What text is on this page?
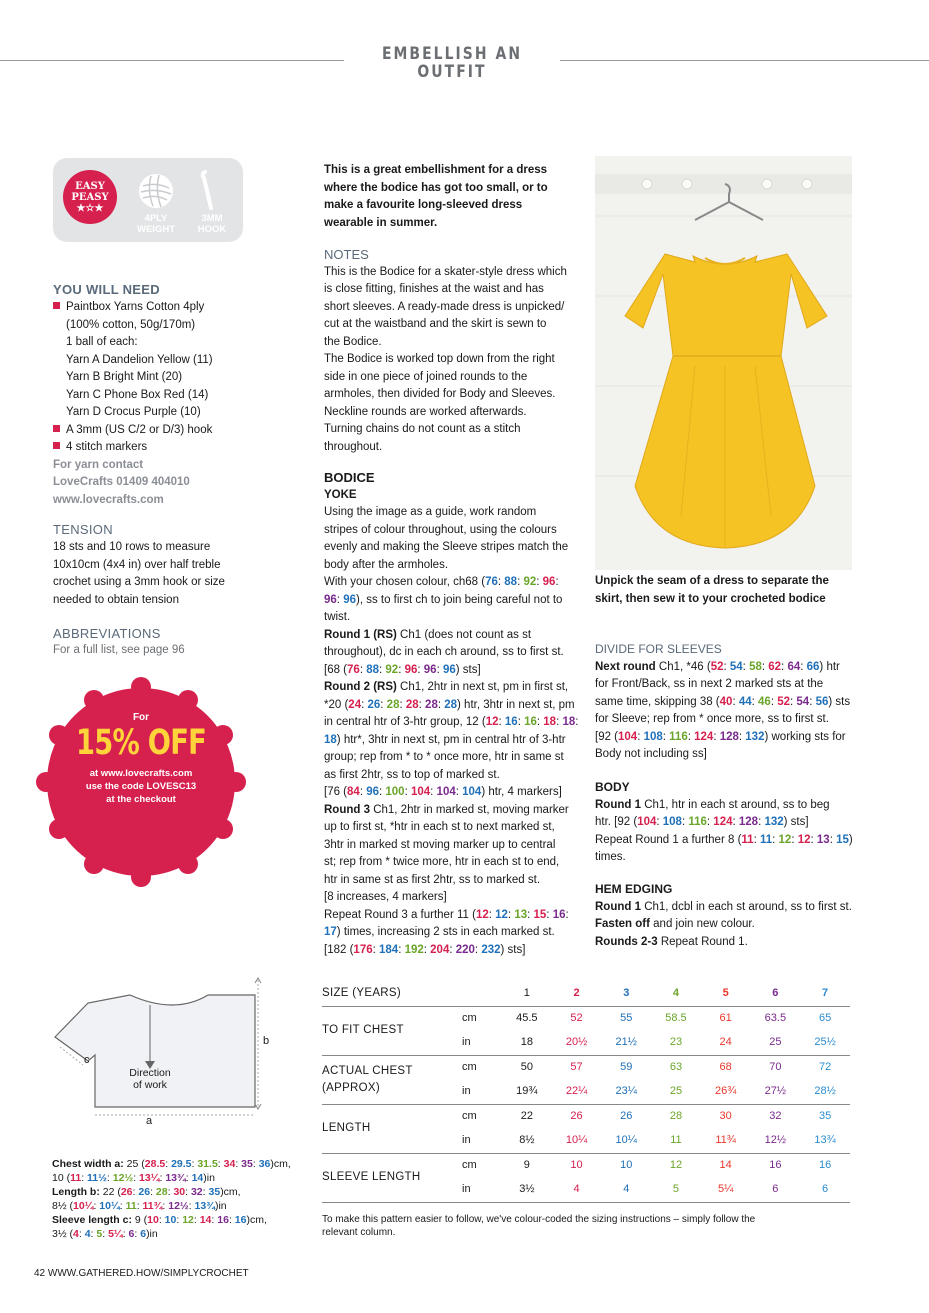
EMBELLISH AN OUTFIT
EASY
PEASY
★☆★
4PLY
WEIGHT
3MM
HOOK
YOU WILL NEED
Paintbox Yarns Cotton 4ply
(100% cotton, 50g/170m)
1 ball of each:
Yarn A Dandelion Yellow (11)
Yarn B Bright Mint (20)
Yarn C Phone Box Red (14)
Yarn D Crocus Purple (10)
A 3mm (US C/2 or D/3) hook
4 stitch markers
For yarn contact
LoveCrafts 01409 404010
www.lovecrafts.com
TENSION
18 sts and 10 rows to measure
10x10cm (4x4 in) over half treble
crochet using a 3mm hook or size
needed to obtain tension
ABBREVIATIONS
For a full list, see page 96
For
15% OFF
at www.lovecrafts.com
use the code LOVESC13
at the checkout
This is a great embellishment for a dress
where the bodice has got too small, or to
make a favourite long-sleeved dress
wearable in summer.
NOTES
This is the Bodice for a skater-style dress which
is close fitting, finishes at the waist and has
short sleeves. A ready-made dress is unpicked/
cut at the waistband and the skirt is sewn to
the Bodice.
The Bodice is worked top down from the right
side in one piece of joined rounds to the
armholes, then divided for Body and Sleeves.
Neckline rounds are worked afterwards.
Turning chains do not count as a stitch
throughout.
BODICE
YOKE
Using the image as a guide, work random
stripes of colour throughout, using the colours
evenly and making the Sleeve stripes match the
body after the armholes.
With your chosen colour, ch68 (76: 88: 92: 96:
96: 96), ss to first ch to join being careful not to
twist.
Round 1 (RS) Ch1 (does not count as st
throughout), dc in each ch around, ss to first st.
[68 (76: 88: 92: 96: 96: 96) sts]
Round 2 (RS) Ch1, 2htr in next st, pm in first st,
*20 (24: 26: 28: 28: 28: 28) htr, 3htr in next st, pm
in central htr of 3-htr group, 12 (12: 16: 16: 18: 18:
18) htr*, 3htr in next st, pm in central htr of 3-htr
group; rep from * to * once more, htr in same st
as first 2htr, ss to top of marked st.
[76 (84: 96: 100: 104: 104: 104) htr, 4 markers]
Round 3 Ch1, 2htr in marked st, moving marker
up to first st, *htr in each st to next marked st,
3htr in marked st moving marker up to central
st; rep from * twice more, htr in each st to end,
htr in same st as first 2htr, ss to marked st.
[8 increases, 4 markers]
Repeat Round 3 a further 11 (12: 12: 13: 15: 16:
17) times, increasing 2 sts in each marked st.
[182 (176: 184: 192: 204: 220: 232) sts]
Unpick the seam of a dress to separate the
skirt, then sew it to your crocheted bodice
DIVIDE FOR SLEEVES
Next round Ch1, *46 (52: 54: 58: 62: 64: 66) htr
for Front/Back, ss in next 2 marked sts at the
same time, skipping 38 (40: 44: 46: 52: 54: 56) sts
for Sleeve; rep from * once more, ss to first st.
[92 (104: 108: 116: 124: 128: 132) working sts for
Body not including ss]
BODY
Round 1 Ch1, htr in each st around, ss to beg
htr. [92 (104: 108: 116: 124: 128: 132) sts]
Repeat Round 1 a further 8 (11: 11: 12: 12: 13: 15)
times.
HEM EDGING
Round 1 Ch1, dcbl in each st around, ss to first st.
Fasten off and join new colour.
Rounds 2-3 Repeat Round 1.
b
c
a
Direction
of work
Chest width a: 25 (28.5: 29.5: 31.5: 34: 35: 36)cm,
10 (11: 11½: 12½: 13¼: 13¾: 14)in
Length b: 22 (26: 26: 28: 30: 32: 35)cm,
8½ (10¼: 10¼: 11: 11¾: 12½: 13¾)in
Sleeve length c: 9 (10: 10: 12: 14: 16: 16)cm,
3½ (4: 4: 5: 5¼: 6: 6)in
SIZE (YEARS)		1	2	3	4	5	6	7
TO FIT CHEST	cm	45.5	52	55	58.5	61	63.5	65
	in	18	20½	21½	23	24	25	25½

ACTUAL CHEST
(APPROX)	cm	50	57	59	63	68	70	72
	in	19¾	22¼	23¼	25	26¾	27½	28½
LENGTH	cm	22	26	26	28	30	32	35
	in	8½	10¼	10¼	11	11¾	12½	13¾
SLEEVE LENGTH	cm	9	10	10	12	14	16	16
	in	3½	4	4	5	5¼	6	6
To make this pattern easier to follow, we've colour-coded the sizing instructions – simply follow the
relevant column.
42 WWW.GATHERED.HOW/SIMPLYCROCHET
